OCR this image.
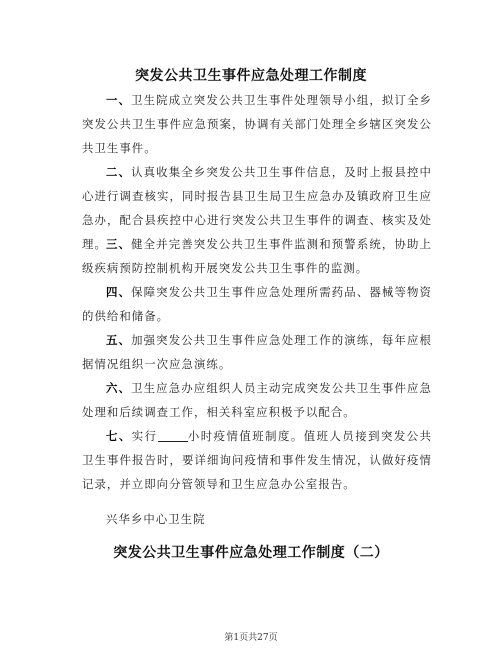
突发公共卫生事件应急处理工作制度

一、卫生院成立突发公共卫生事件处理领导小组，拟订全乡突发公共卫生事件应急预案，协调有关部门处理全乡辖区突发公共卫生事件。

二、认真收集全乡突发公共卫生事件信息，及时上报县控中心进行调查核实，同时报告县卫生局卫生应急办及镇政府卫生应急办，配合县疾控中心进行突发公共卫生事件的调查、核实及处理。 三、健全并完善突发公共卫生事件监测和预警系统，协助上级疾病预防控制机构开展突发公共卫生事件的监测。

四、保障突发公共卫生事件应急处理所需药品、器械等物资的供给和储备。

五、加强突发公共卫生事件应急处理工作的演练，每年应根据情况组织一次应急演练。

六、卫生应急办应组织人员主动完成突发公共卫生事件应急处理和后续调查工作，相关科室应积极予以配合。

七、实行	小时疫情值班制度。值班人员接到突发公共卫生事件报告时，要详细询问疫情和事件发生情况，认做好疫情记录，并立即向分管领导和卫生应急办公室报告。

兴华乡中心卫生院

突发公共卫生事件应急处理工作制度（二）
第1页共27页
